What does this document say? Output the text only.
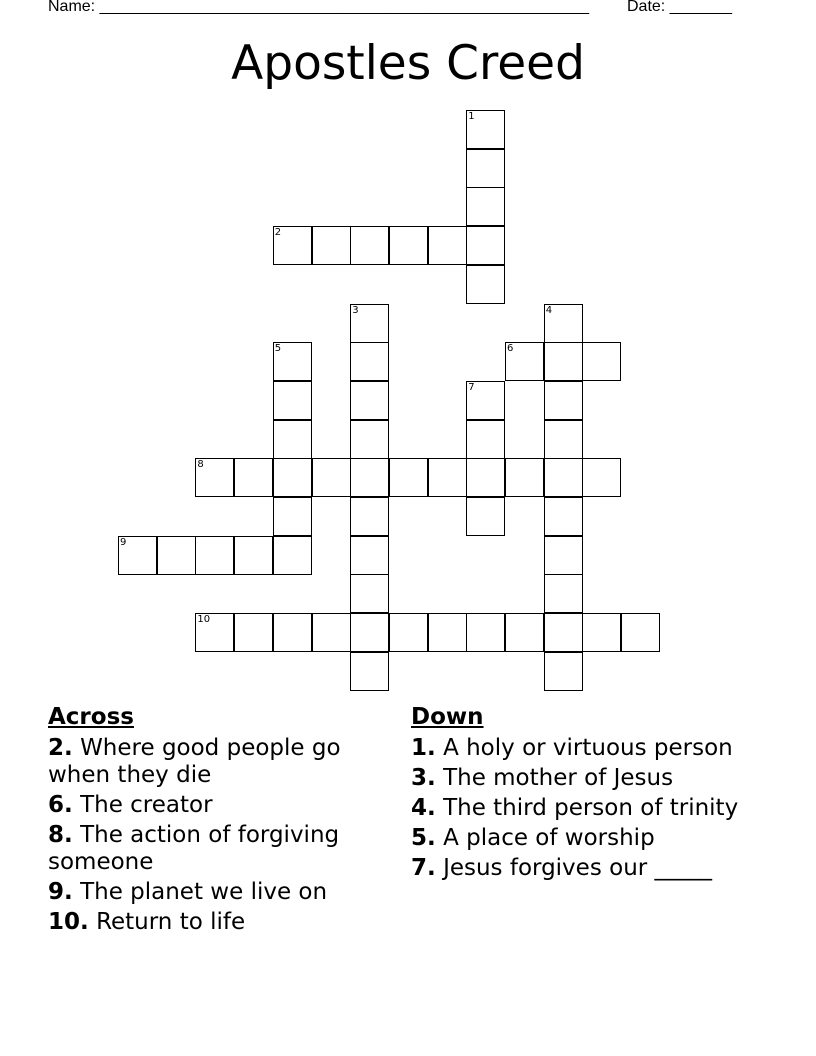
Name: _______________________________________________________ Date: _______
Apostles Creed
1
2
3	4
5	6
7
8
9
10
Across
2. Where good people go when they die
6. The creator
8. The action of forgiving someone
9. The planet we live on
10. Return to life
Down
1. A holy or virtuous person
3. The mother of Jesus
4. The third person of trinity
5. A place of worship
7. Jesus forgives our _____
